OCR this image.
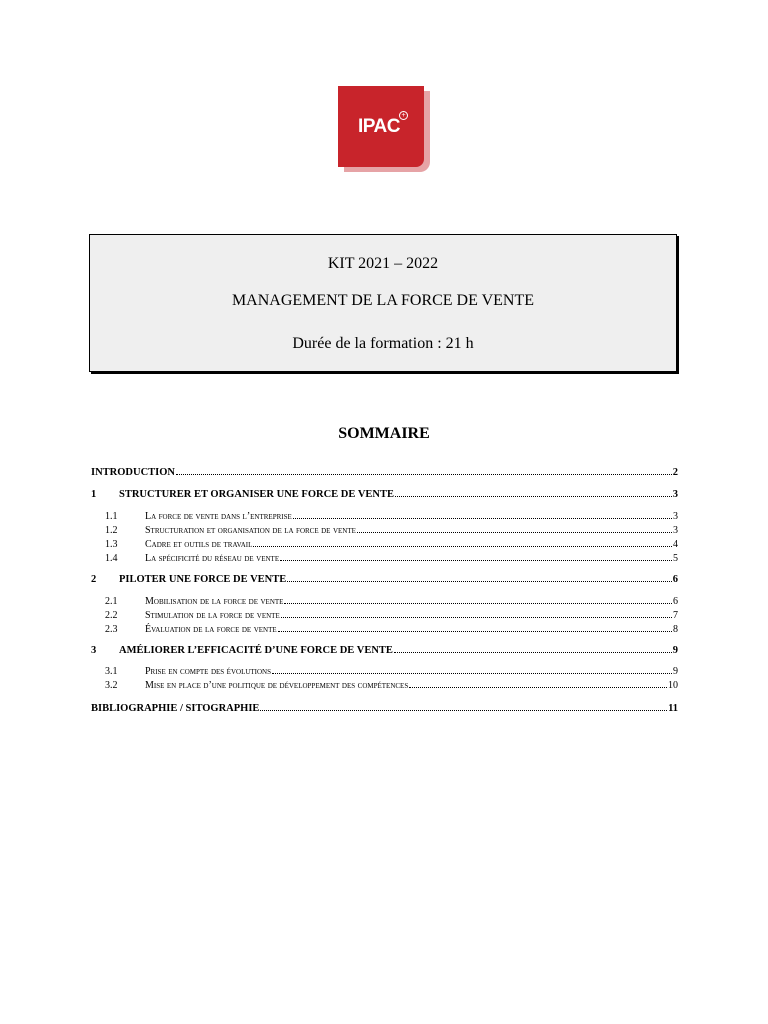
IPAC
+
KIT 2021 – 2022
MANAGEMENT DE LA FORCE DE VENTE
Durée de la formation : 21 h
SOMMAIRE
INTRODUCTION	2
1	STRUCTURER ET ORGANISER UNE FORCE DE VENTE	3
1.1	La force de vente dans l’entreprise	3
1.2	Structuration et organisation de la force de vente	3
1.3	Cadre et outils de travail	4
1.4	La spécificité du réseau de vente	5
2	PILOTER UNE FORCE DE VENTE	6
2.1	Mobilisation de la force de vente	6
2.2	Stimulation de la force de vente	7
2.3	Évaluation de la force de vente	8
3	AMÉLIORER L’EFFICACITÉ D’UNE FORCE DE VENTE	9
3.1	Prise en compte des évolutions	9
3.2	Mise en place d’une politique de développement des compétences	10
BIBLIOGRAPHIE / SITOGRAPHIE	11
